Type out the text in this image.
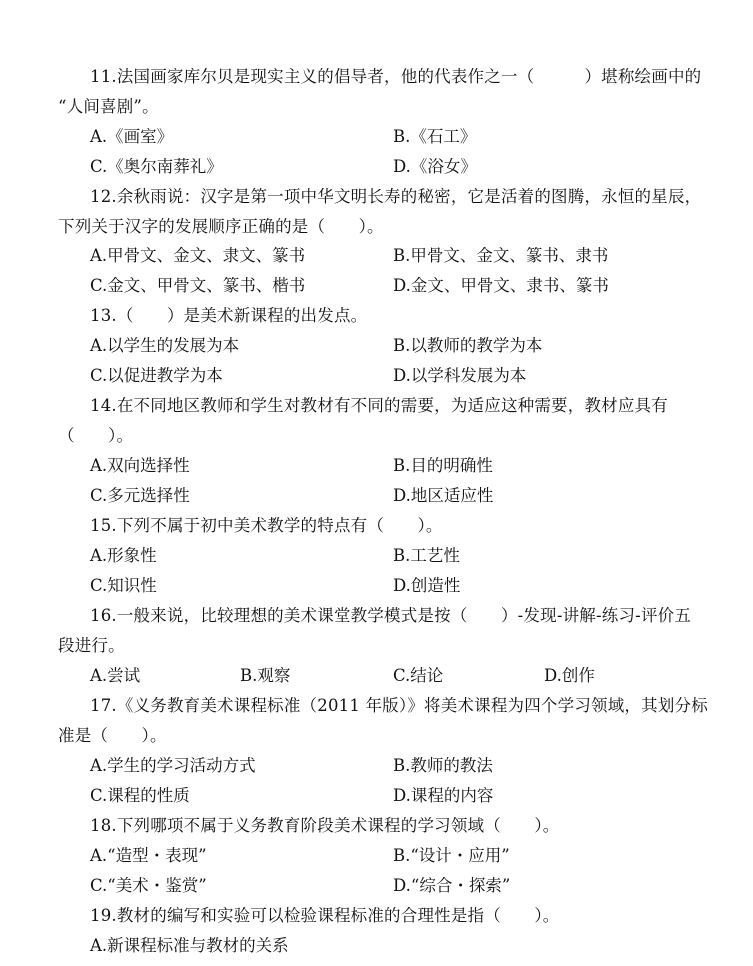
11.法国画家库尔贝是现实主义的倡导者，他的代表作之一（　　　）堪称绘画中的
“人间喜剧”。
A.《画室》	B.《石工》
C.《奥尔南葬礼》	D.《浴女》
12.余秋雨说：汉字是第一项中华文明长寿的秘密，它是活着的图腾，永恒的星辰，
下列关于汉字的发展顺序正确的是（　　）。
A.甲骨文、金文、隶文、篆书	B.甲骨文、金文、篆书、隶书
C.金文、甲骨文、篆书、楷书	D.金文、甲骨文、隶书、篆书
13.（　　）是美术新课程的出发点。
A.以学生的发展为本	B.以教师的教学为本
C.以促进教学为本	D.以学科发展为本
14.在不同地区教师和学生对教材有不同的需要，为适应这种需要，教材应具有
（　　）。
A.双向选择性	B.目的明确性
C.多元选择性	D.地区适应性
15.下列不属于初中美术教学的特点有（　　）。
A.形象性	B.工艺性
C.知识性	D.创造性
16.一般来说，比较理想的美术课堂教学模式是按（　　）-发现-讲解-练习-评价五
段进行。
A.尝试	B.观察	C.结论	D.创作
17.《义务教育美术课程标准（2011 年版）》将美术课程为四个学习领域，其划分标
准是（　　）。
A.学生的学习活动方式	B.教师的教法
C.课程的性质	D.课程的内容
18.下列哪项不属于义务教育阶段美术课程的学习领域（　　）。
A.“造型・表现”	B.“设计・应用”
C.“美术・鉴赏”	D.“综合・探索”
19.教材的编写和实验可以检验课程标准的合理性是指（　　）。
A.新课程标准与教材的关系
